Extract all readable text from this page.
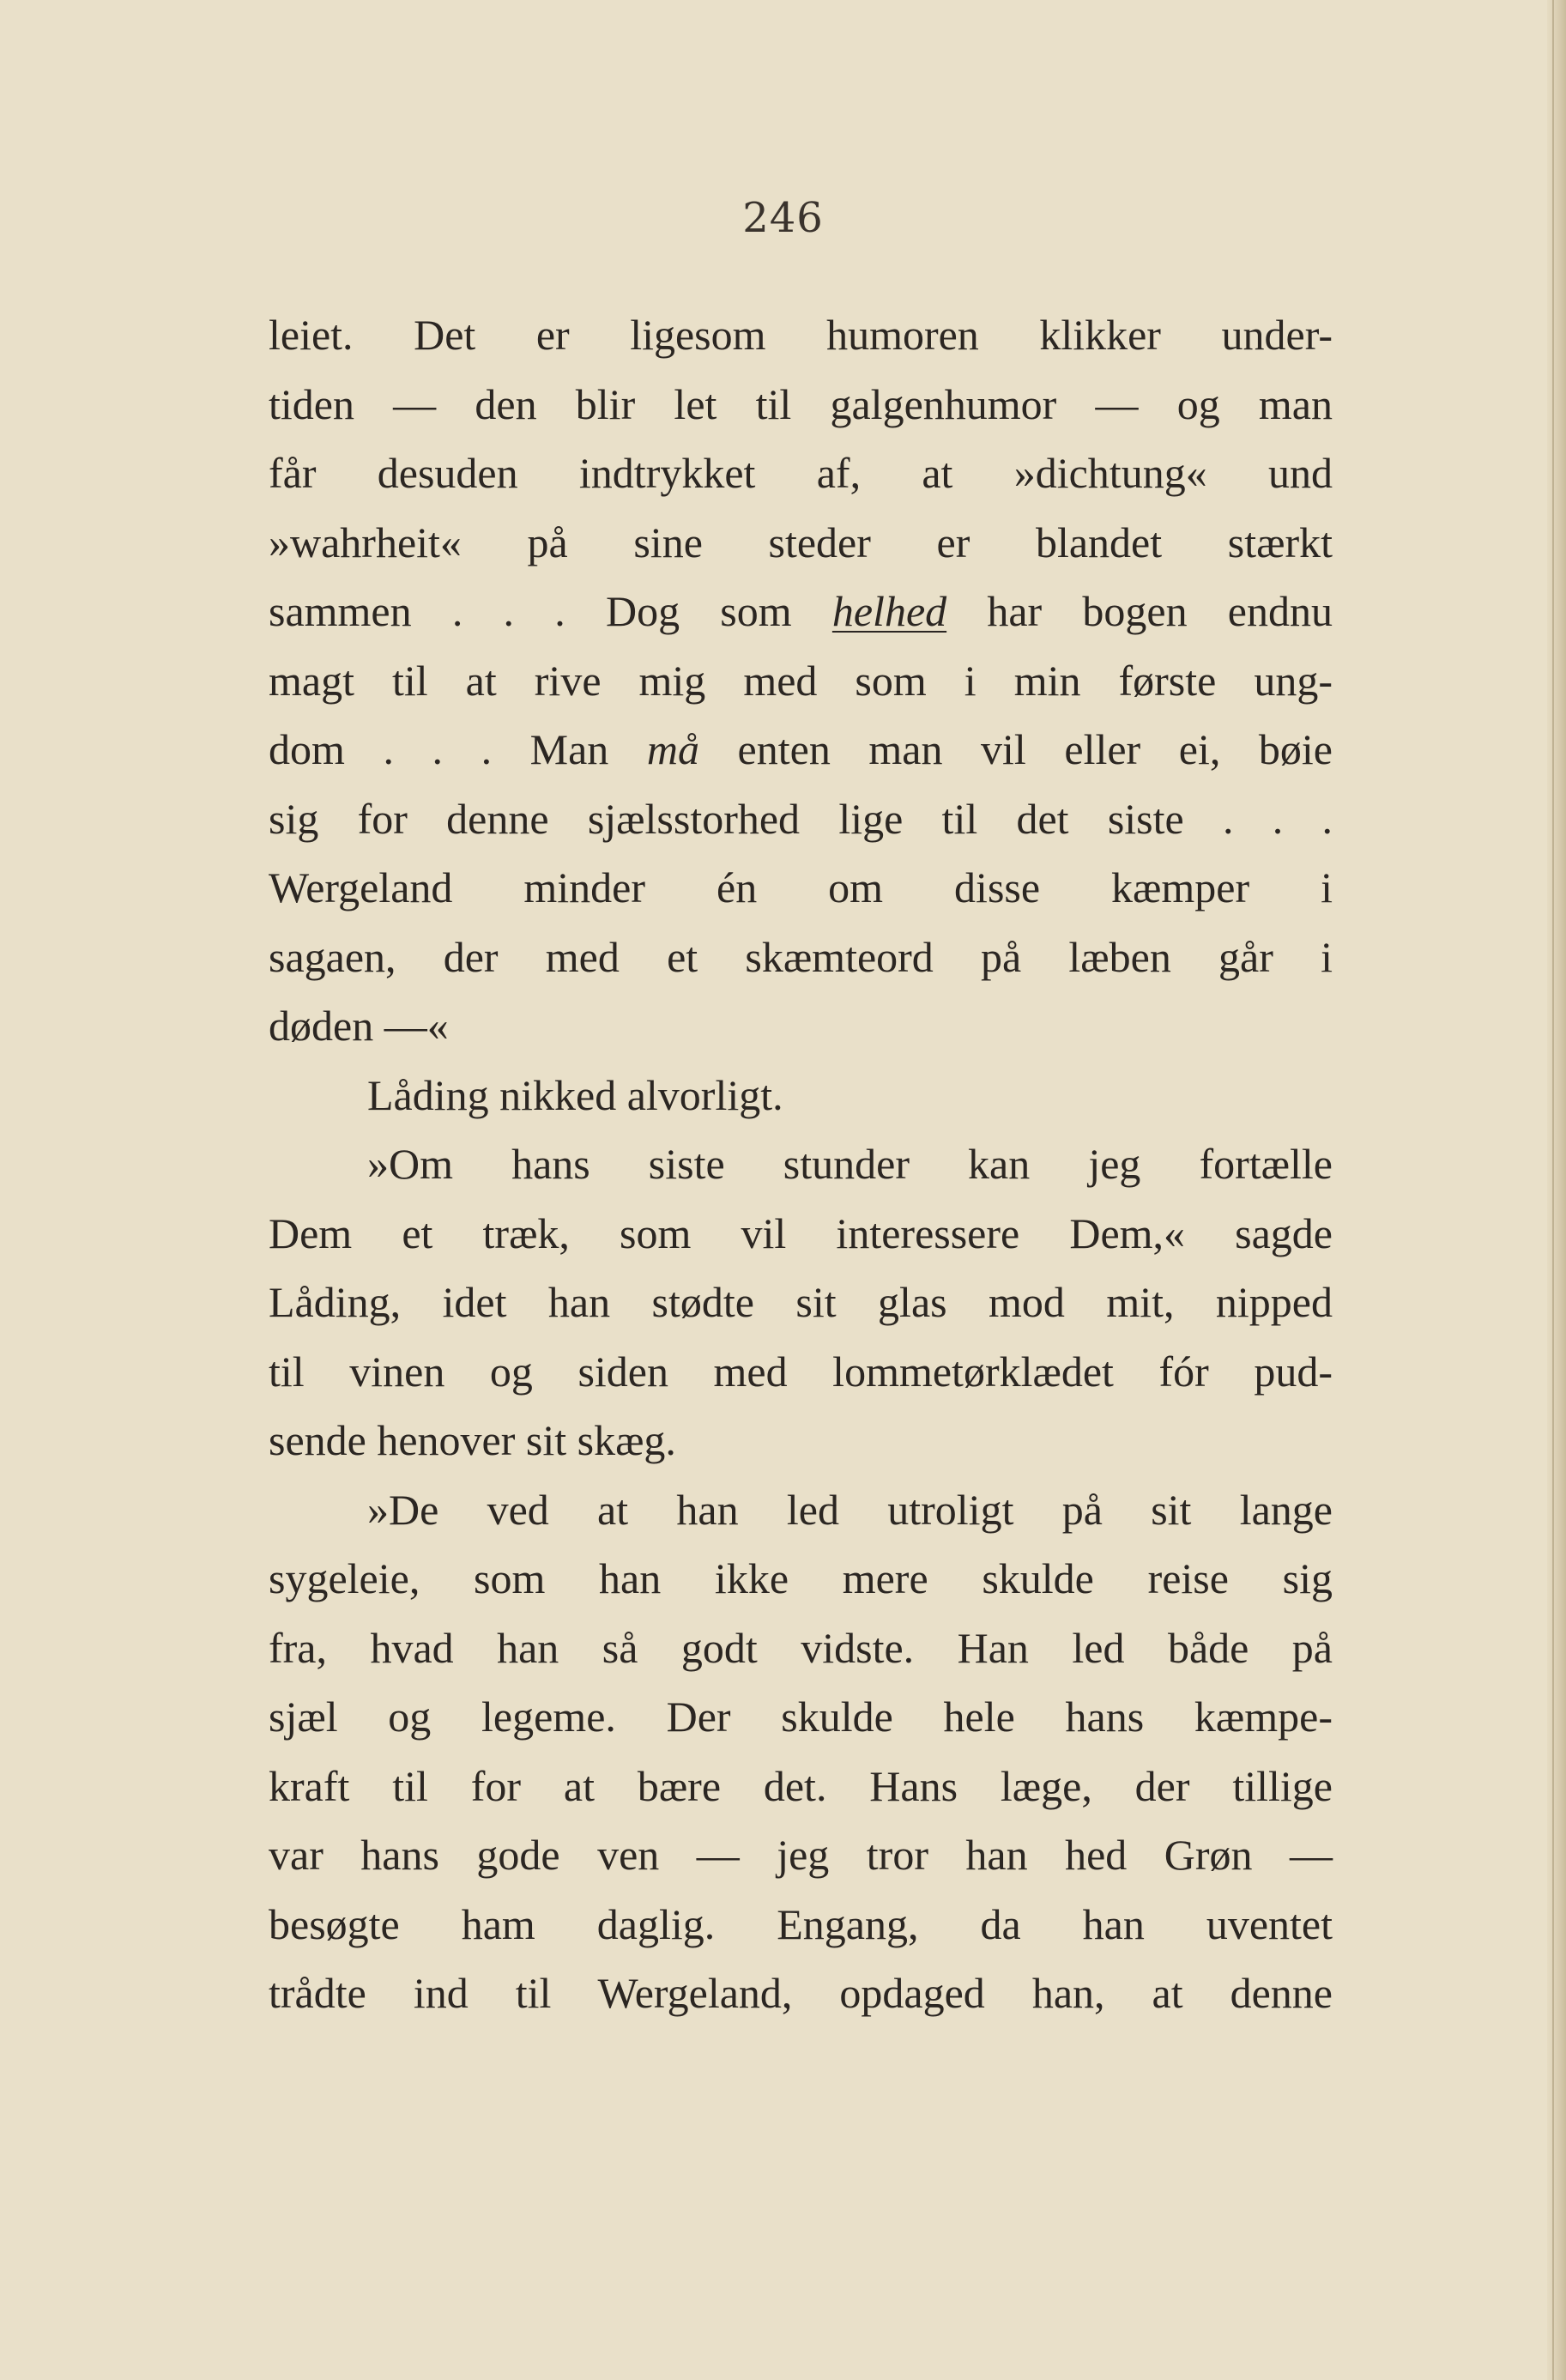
246
leiet. Det er ligesom humoren klikker under-
tiden — den blir let til galgenhumor — og man
får desuden indtrykket af, at »dichtung« und
»wahrheit« på sine steder er blandet stærkt
sammen . . . Dog som helhed har bogen endnu
magt til at rive mig med som i min første ung-
dom . . . Man må enten man vil eller ei, bøie
sig for denne sjælsstorhed lige til det siste . . .
Wergeland minder én om disse kæmper i
sagaen, der med et skæmteord på læben går i
døden —«
Låding nikked alvorligt.
»Om hans siste stunder kan jeg fortælle
Dem et træk, som vil interessere Dem,« sagde
Låding, idet han stødte sit glas mod mit, nipped
til vinen og siden med lommetørklædet fór pud-
sende henover sit skæg.
»De ved at han led utroligt på sit lange
sygeleie, som han ikke mere skulde reise sig
fra, hvad han så godt vidste. Han led både på
sjæl og legeme. Der skulde hele hans kæmpe-
kraft til for at bære det. Hans læge, der tillige
var hans gode ven — jeg tror han hed Grøn —
besøgte ham daglig. Engang, da han uventet
trådte ind til Wergeland, opdaged han, at denne
